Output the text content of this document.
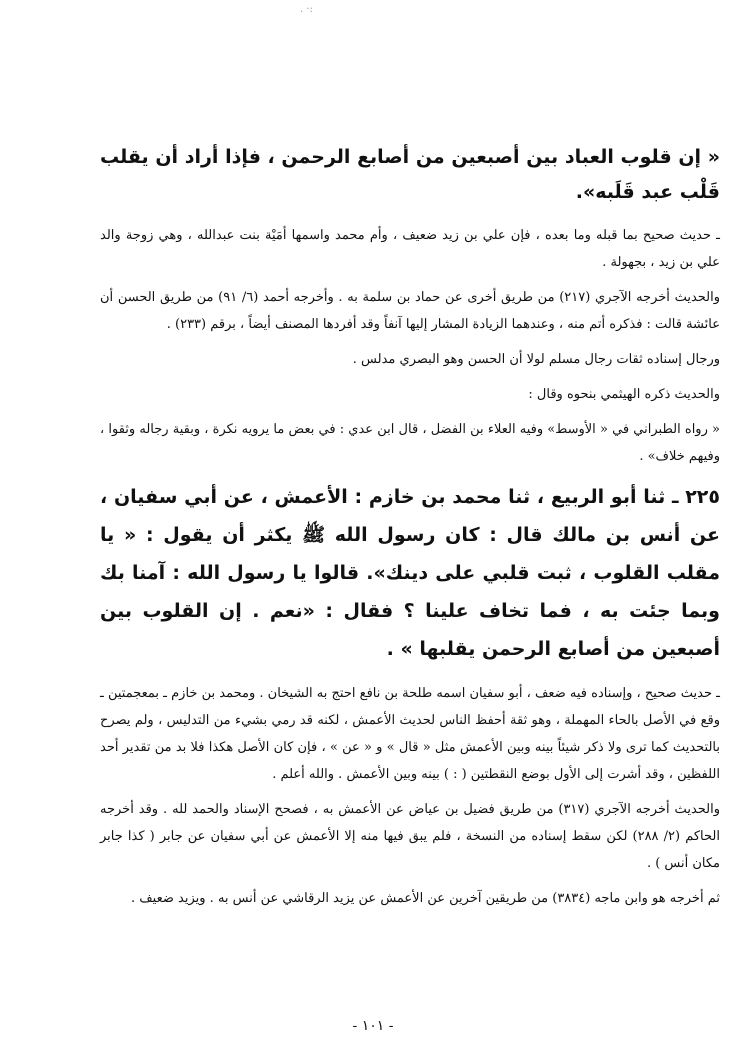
. ·:

« إن قلوب العباد بين أصبعين من أصابع الرحمن ، فإذا أراد أن يقلب قَلْب عبد قَلَبه».

ـ حديث صحيح بما قبله وما بعده ، فإن علي بن زيد ضعيف ، وأم محمد واسمها أمَيْة بنت عبدالله ، وهي زوجة والد علي بن زيد ، بجهولة .

والحديث أخرجه الآجري (٢١٧) من طريق أخرى عن حماد بن سلمة به . وأخرجه أحمد (٦/ ٩١) من طريق الحسن أن عائشة قالت : فذكره أتم منه ، وعندهما الزيادة المشار إليها آنفاً وقد أفردها المصنف أيضاً ، برقم (٢٣٣) .

ورجال إسناده ثقات رجال مسلم لولا أن الحسن وهو البصري مدلس .

والحديث ذكره الهيثمي بنحوه وقال :

« رواه الطبراني في « الأوسط» وفيه العلاء بن الفضل ، قال ابن عدي : في بعض ما يرويه نكرة ، وبقية رجاله وثقوا ، وفيهم خلاف» .

٢٢٥ ـ ثنا أبو الربيع ، ثنا محمد بن خازم : الأعمش ، عن أبي سفيان ، عن أنس بن مالك قال : كان رسول الله ﷺ يكثر أن يقول : « يا مقلب القلوب ، ثبت قلبي على دينك». قالوا يا رسول الله : آمنا بك وبما جئت به ، فما تخاف علينا ؟ فقال : «نعم . إن القلوب بين أصبعين من أصابع الرحمن يقلبها » .

ـ حديث صحيح ، وإسناده فيه ضعف ، أبو سفيان اسمه طلحة بن نافع احتج به الشيخان . ومحمد بن خازم ـ بمعجمتين ـ وقع في الأصل بالحاء المهملة ، وهو ثقة أحفظ الناس لحديث الأعمش ، لكنه قد رمي بشيء من التدليس ، ولم يصرح بالتحديث كما ترى ولا ذكر شيئاً بينه وبين الأعمش مثل « قال » و « عن » ، فإن كان الأصل هكذا فلا بد من تقدير أحد اللفظين ، وقد أشرت إلى الأول بوضع النقطتين ( : ) بينه وبين الأعمش . والله أعلم .

والحديث أخرجه الآجري (٣١٧) من طريق فضيل بن عياض عن الأعمش به ، فصحح الإسناد والحمد لله . وقد أخرجه الحاكم (٢/ ٢٨٨) لكن سقط إسناده من النسخة ، فلم يبق فيها منه إلا الأعمش عن أبي سفيان عن جابر ( كذا جابر مكان أنس ) .

ثم أخرجه هو وابن ماجه (٣٨٣٤) من طريقين آخرين عن الأعمش عن يزيد الرقاشي عن أنس به . ويزيد ضعيف .

- ١٠١ -
